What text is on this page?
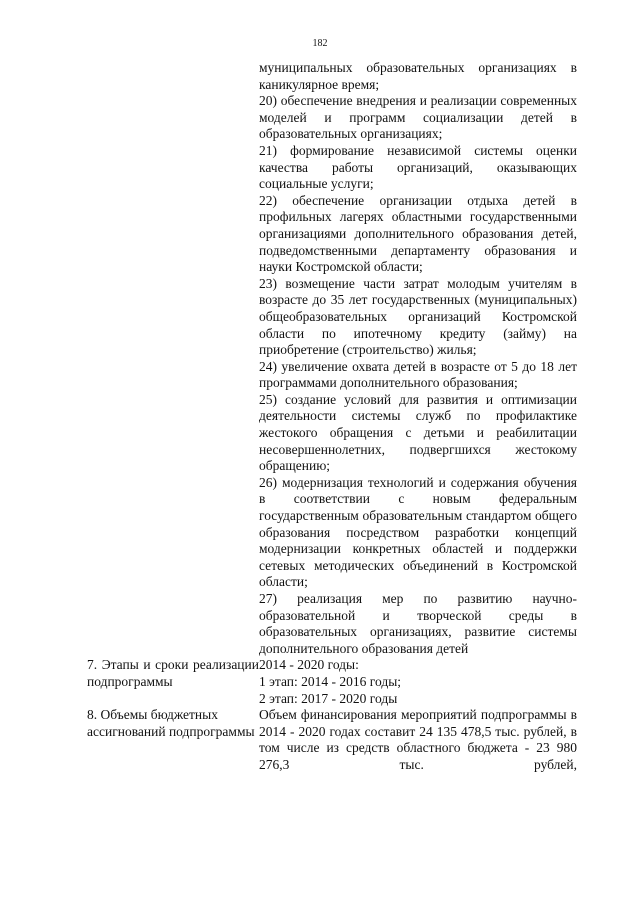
182

муниципальных образовательных организациях в каникулярное время;

20) обеспечение внедрения и реализации современных моделей и программ социализации детей в образовательных организациях;

21) формирование независимой системы оценки качества работы организаций, оказывающих социальные услуги;

22) обеспечение организации отдыха детей в профильных лагерях областными государственными организациями дополнительного образования детей, подведомственными департаменту образования и науки Костромской области;

23) возмещение части затрат молодым учителям в возрасте до 35 лет государственных (муниципальных) общеобразовательных организаций Костромской области по ипотечному кредиту (займу) на приобретение (строительство) жилья;

24) увеличение охвата детей в возрасте от 5 до 18 лет программами дополнительного образования;

25) создание условий для развития и оптимизации деятельности системы служб по профилактике жестокого обращения с детьми и реабилитации несовершеннолетних, подвергшихся жестокому обращению;

26) модернизация технологий и содержания обучения в соответствии с новым федеральным государственным образовательным стандартом общего образования посредством разработки концепций модернизации конкретных областей и поддержки сетевых методических объединений в Костромской области;

27) реализация мер по развитию научно-образовательной и творческой среды в образовательных организациях, развитие системы дополнительного образования детей

7. Этапы и сроки реализации подпрограммы

2014 - 2020 годы:

1 этап: 2014 - 2016 годы;

2 этап: 2017 - 2020 годы

8. Объемы бюджетных ассигнований подпрограммы

Объем финансирования мероприятий подпрограммы в 2014 - 2020 годах составит 24 135 478,5 тыс. рублей, в том числе из средств областного бюджета - 23 980 276,3 тыс. рублей,
